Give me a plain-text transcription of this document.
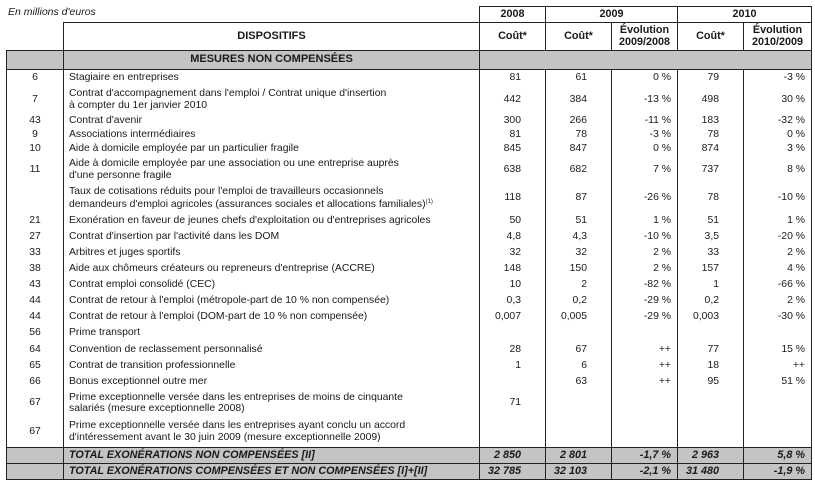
En millions d'euros
			2008	2009		2010	
	DISPOSITIFS	Coût*	Coût*	Évolution 2009/2008	Coût*	Évolution 2010/2009
	MESURES NON COMPENSÉES					
6	Stagiaire en entreprises	81	61	0 %	79	-3 %
7	Contrat d'accompagnement dans l'emploi / Contrat unique d'insertion
à compter du 1er janvier 2010	442	384	-13 %	498	30 %
43	Contrat d'avenir	300	266	-11 %	183	-32 %
9	Associations intermédiaires	81	78	-3 %	78	0 %
10	Aide à domicile employée par un particulier fragile	845	847	0 %	874	3 %
11	Aide à domicile employée par une association ou une entreprise auprès
d'une personne fragile	638	682	7 %	737	8 %
	Taux de cotisations réduits pour l'emploi de travailleurs occasionnels
demandeurs d'emploi agricoles (assurances sociales et allocations familiales)$^{(1)}$	118	87	-26 %	78	-10 %
21	Exonération en faveur de jeunes chefs d'exploitation ou d'entreprises agricoles	50	51	1 %	51	1 %
27	Contrat d'insertion par l'activité dans les DOM	4,8	4,3	-10 %	3,5	-20 %
33	Arbitres et juges sportifs	32	32	2 %	33	2 %
38	Aide aux chômeurs créateurs ou repreneurs d'entreprise (ACCRE)	148	150	2 %	157	4 %
43	Contrat emploi consolidé (CEC)	10	2	-82 %	1	-66 %
44	Contrat de retour à l'emploi (métropole-part de 10 % non compensée)	0,3	0,2	-29 %	0,2	2 %
44	Contrat de retour à l'emploi (DOM-part de 10 % non compensée)	0,007	0,005	-29 %	0,003	-30 %
56	Prime transport					
64	Convention de reclassement personnalisé	28	67	++	77	15 %
65	Contrat de transition professionnelle	1	6	++	18	++
66	Bonus exceptionnel outre mer		63	++	95	51 %
67	Prime exceptionnelle versée dans les entreprises de moins de cinquante
salariés (mesure exceptionnelle 2008)	71				
67	Prime exceptionnelle versée dans les entreprises ayant conclu un accord
d'intéressement avant le 30 juin 2009 (mesure exceptionnelle 2009)					
	TOTAL EXONÉRATIONS NON COMPENSÉES [II]	2 850	2 801	-1,7 %	2 963	5,8 %
	TOTAL EXONÉRATIONS COMPENSÉES ET NON COMPENSÉES [I]+[II]	32 785	32 103	-2,1 %	31 480	-1,9 %
